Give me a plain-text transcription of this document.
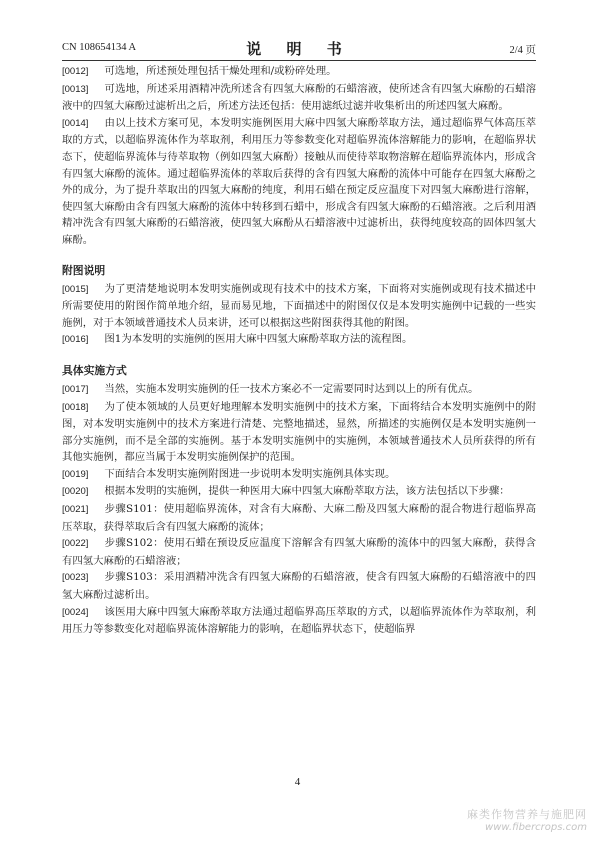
CN 108654134 A	说 明 书	2/4 页

[0012] 可选地，所述预处理包括干燥处理和/或粉碎处理。

[0013] 可选地，所述采用酒精冲洗所述含有四氢大麻酚的石蜡溶液，使所述含有四氢大麻酚的石蜡溶液中的四氢大麻酚过滤析出之后，所述方法还包括：使用滤纸过滤并收集析出的所述四氢大麻酚。

[0014] 由以上技术方案可见，本发明实施例医用大麻中四氢大麻酚萃取方法，通过超临界气体高压萃取的方式，以超临界流体作为萃取剂，利用压力等参数变化对超临界流体溶解能力的影响，在超临界状态下，使超临界流体与待萃取物（例如四氢大麻酚）接触从而使待萃取物溶解在超临界流体内，形成含有四氢大麻酚的流体。通过超临界流体的萃取后获得的含有四氢大麻酚的流体中可能存在四氢大麻酚之外的成分，为了提升萃取出的四氢大麻酚的纯度，利用石蜡在预定反应温度下对四氢大麻酚进行溶解，使四氢大麻酚由含有四氢大麻酚的流体中转移到石蜡中，形成含有四氢大麻酚的石蜡溶液。之后利用酒精冲洗含有四氢大麻酚的石蜡溶液，使四氢大麻酚从石蜡溶液中过滤析出，获得纯度较高的固体四氢大麻酚。

附图说明

[0015] 为了更清楚地说明本发明实施例或现有技术中的技术方案，下面将对实施例或现有技术描述中所需要使用的附图作简单地介绍，显而易见地，下面描述中的附图仅仅是本发明实施例中记载的一些实施例，对于本领域普通技术人员来讲，还可以根据这些附图获得其他的附图。

[0016] 图1为本发明的实施例的医用大麻中四氢大麻酚萃取方法的流程图。

具体实施方式

[0017] 当然，实施本发明实施例的任一技术方案必不一定需要同时达到以上的所有优点。

[0018] 为了使本领域的人员更好地理解本发明实施例中的技术方案，下面将结合本发明实施例中的附图，对本发明实施例中的技术方案进行清楚、完整地描述，显然，所描述的实施例仅是本发明实施例一部分实施例，而不是全部的实施例。基于本发明实施例中的实施例，本领域普通技术人员所获得的所有其他实施例，都应当属于本发明实施例保护的范围。

[0019] 下面结合本发明实施例附图进一步说明本发明实施例具体实现。

[0020] 根据本发明的实施例，提供一种医用大麻中四氢大麻酚萃取方法，该方法包括以下步骤：

[0021] 步骤S101：使用超临界流体，对含有大麻酚、大麻二酚及四氢大麻酚的混合物进行超临界高压萃取，获得萃取后含有四氢大麻酚的流体；

[0022] 步骤S102：使用石蜡在预设反应温度下溶解含有四氢大麻酚的流体中的四氢大麻酚，获得含有四氢大麻酚的石蜡溶液；

[0023] 步骤S103：采用酒精冲洗含有四氢大麻酚的石蜡溶液，使含有四氢大麻酚的石蜡溶液中的四氢大麻酚过滤析出。

[0024] 该医用大麻中四氢大麻酚萃取方法通过超临界高压萃取的方式，以超临界流体作为萃取剂，利用压力等参数变化对超临界流体溶解能力的影响，在超临界状态下，使超临界

4
麻类作物营养与施肥网
www.fibercrops.com
